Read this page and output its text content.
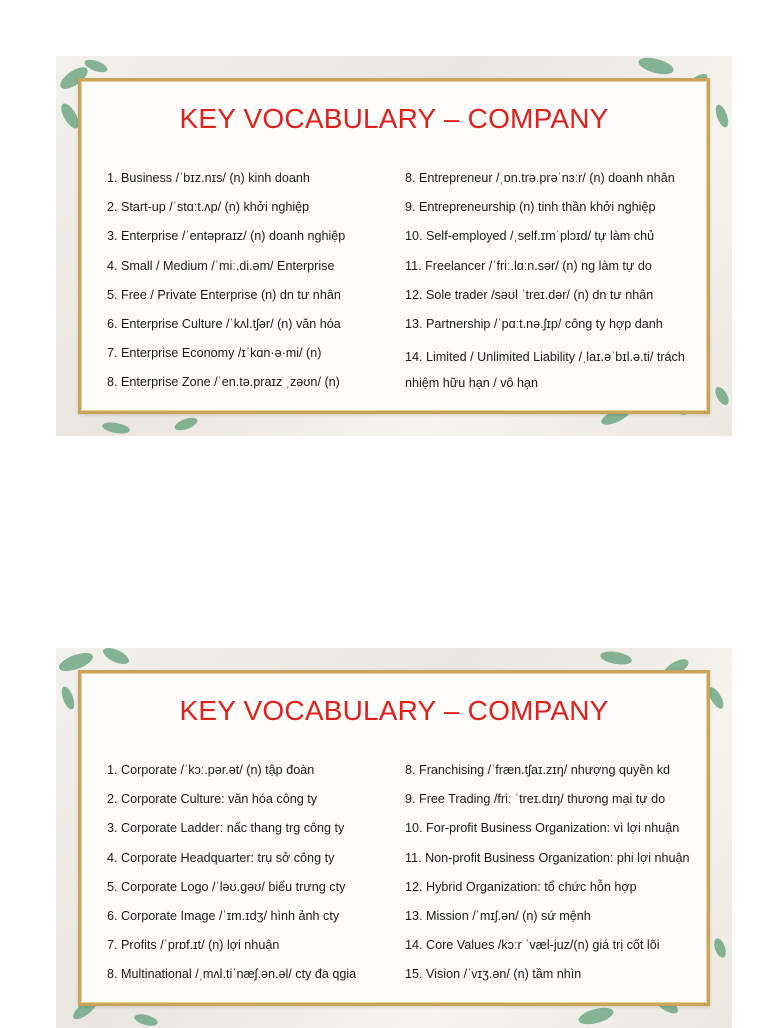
KEY VOCABULARY – COMPANY
1. Business /ˈbɪz.nɪs/ (n) kinh doanh
2. Start-up /ˈstɑːt.ʌp/ (n) khởi nghiệp
3. Enterprise /ˈentəpraɪz/ (n) doanh nghiệp
4. Small / Medium /ˈmiː.di.əm/ Enterprise
5. Free / Private Enterprise (n) dn tư nhân
6. Enterprise Culture /ˈkʌl.tʃər/ (n) văn hóa
7. Enterprise Economy /ɪˈkɑn·ə·mi/ (n)
8. Enterprise Zone /ˈen.tə.praɪz ˌzəʊn/ (n)
8. Entrepreneur /ˌɒn.trə.prəˈnɜːr/ (n) doanh nhân
9. Entrepreneurship (n) tinh thần khởi nghiệp
10. Self-employed /ˌself.ɪmˈplɔɪd/ tự làm chủ
11. Freelancer /ˈfriː.lɑːn.sər/ (n) ng làm tự do
12. Sole trader /səʊl ˈtreɪ.dər/ (n) dn tư nhân
13. Partnership /ˈpɑːt.nə.ʃɪp/ công ty hợp danh
14. Limited / Unlimited Liability /ˌlaɪ.əˈbɪl.ə.ti/ trách nhiệm hữu hạn / vô hạn
KEY VOCABULARY – COMPANY
1. Corporate /ˈkɔː.pər.ət/ (n) tập đoàn
2. Corporate Culture: văn hóa công ty
3. Corporate Ladder: nấc thang trg công ty
4. Corporate Headquarter: trụ sở công ty
5. Corporate Logo /ˈləʊ.gəʊ/ biểu trưng cty
6. Corporate Image /ˈɪm.ɪdʒ/ hình ảnh cty
7. Profits /ˈprɒf.ɪt/ (n) lợi nhuận
8. Multinational /ˌmʌl.tiˈnæʃ.ən.əl/ cty đa qgia
8. Franchising /ˈfræn.tʃaɪ.zɪŋ/ nhượng quyền kd
9. Free Trading /friː ˈtreɪ.dɪŋ/ thương mại tự do
10. For-profit Business Organization: vì lợi nhuận
11. Non-profit Business Organization: phi lợi nhuận
12. Hybrid Organization: tổ chức hỗn hợp
13. Mission /ˈmɪʃ.ən/ (n) sứ mệnh
14. Core Values /kɔːr ˈvæl-juz/(n) giá trị cốt lõi
15. Vision /ˈvɪʒ.ən/ (n) tầm nhìn
